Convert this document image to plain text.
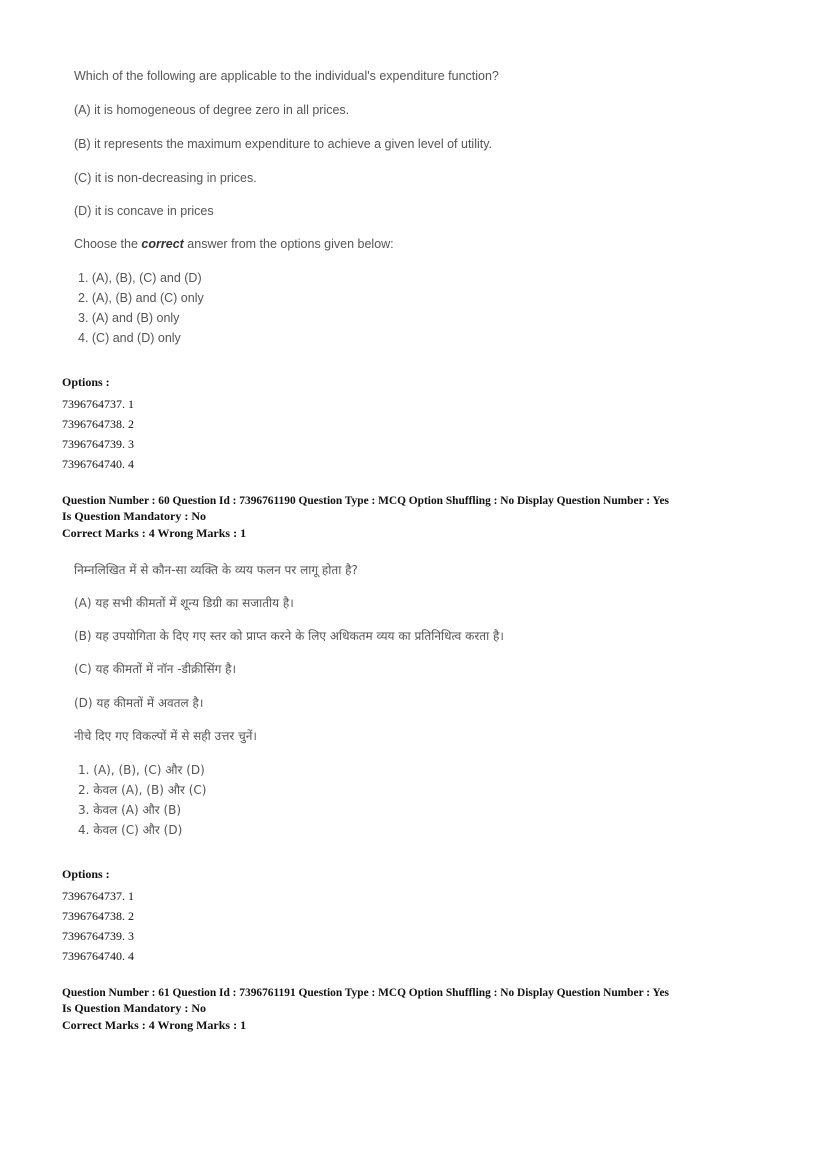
Which of the following are applicable to the individual's expenditure function?
(A) it is homogeneous of degree zero in all prices.
(B) it represents the maximum expenditure to achieve a given level of utility.
(C) it is non-decreasing in prices.
(D) it is concave in prices
Choose the correct answer from the options given below:
1. (A), (B), (C) and (D)
2. (A), (B) and (C) only
3. (A) and (B) only
4. (C) and (D) only
Options :
7396764737. 1
7396764738. 2
7396764739. 3
7396764740. 4
Question Number : 60 Question Id : 7396761190 Question Type : MCQ Option Shuffling : No Display Question Number : Yes
Is Question Mandatory : No
Correct Marks : 4 Wrong Marks : 1
निम्नलिखित में से कौन-सा व्यक्ति के व्यय फलन पर लागू होता है?
(A) यह सभी कीमतों में शून्य डिग्री का सजातीय है।
(B) यह उपयोगिता के दिए गए स्तर को प्राप्त करने के लिए अधिकतम व्यय का प्रतिनिधित्व करता है।
(C) यह कीमतों में नॉन -डीक्रीसिंग है।
(D) यह कीमतों में अवतल है।
नीचे दिए गए विकल्पों में से सही उत्तर चुनें।
1. (A), (B), (C) और (D)
2. केवल (A), (B) और (C)
3. केवल (A) और (B)
4. केवल (C) और (D)
Options :
7396764737. 1
7396764738. 2
7396764739. 3
7396764740. 4
Question Number : 61 Question Id : 7396761191 Question Type : MCQ Option Shuffling : No Display Question Number : Yes
Is Question Mandatory : No
Correct Marks : 4 Wrong Marks : 1
